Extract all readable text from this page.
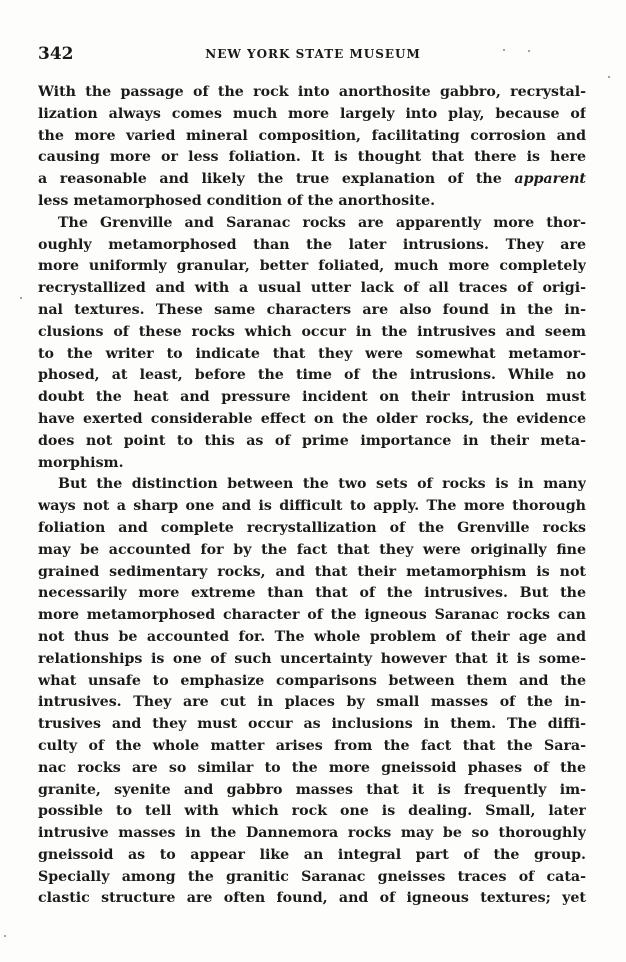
342	NEW YORK STATE MUSEUM
With the passage of the rock into anorthosite gabbro, recrystal-
lization always comes much more largely into play, because of
the more varied mineral composition, facilitating corrosion and
causing more or less foliation. It is thought that there is here
a reasonable and likely the true explanation of the apparent
less metamorphosed condition of the anorthosite.
The Grenville and Saranac rocks are apparently more thor-
oughly metamorphosed than the later intrusions. They are
more uniformly granular, better foliated, much more completely
recrystallized and with a usual utter lack of all traces of origi-
nal textures. These same characters are also found in the in-
clusions of these rocks which occur in the intrusives and seem
to the writer to indicate that they were somewhat metamor-
phosed, at least, before the time of the intrusions. While no
doubt the heat and pressure incident on their intrusion must
have exerted considerable effect on the older rocks, the evidence
does not point to this as of prime importance in their meta-
morphism.
But the distinction between the two sets of rocks is in many
ways not a sharp one and is difficult to apply. The more thorough
foliation and complete recrystallization of the Grenville rocks
may be accounted for by the fact that they were originally fine
grained sedimentary rocks, and that their metamorphism is not
necessarily more extreme than that of the intrusives. But the
more metamorphosed character of the igneous Saranac rocks can
not thus be accounted for. The whole problem of their age and
relationships is one of such uncertainty however that it is some-
what unsafe to emphasize comparisons between them and the
intrusives. They are cut in places by small masses of the in-
trusives and they must occur as inclusions in them. The diffi-
culty of the whole matter arises from the fact that the Sara-
nac rocks are so similar to the more gneissoid phases of the
granite, syenite and gabbro masses that it is frequently im-
possible to tell with which rock one is dealing. Small, later
intrusive masses in the Dannemora rocks may be so thoroughly
gneissoid as to appear like an integral part of the group.
Specially among the granitic Saranac gneisses traces of cata-
clastic structure are often found, and of igneous textures; yet
